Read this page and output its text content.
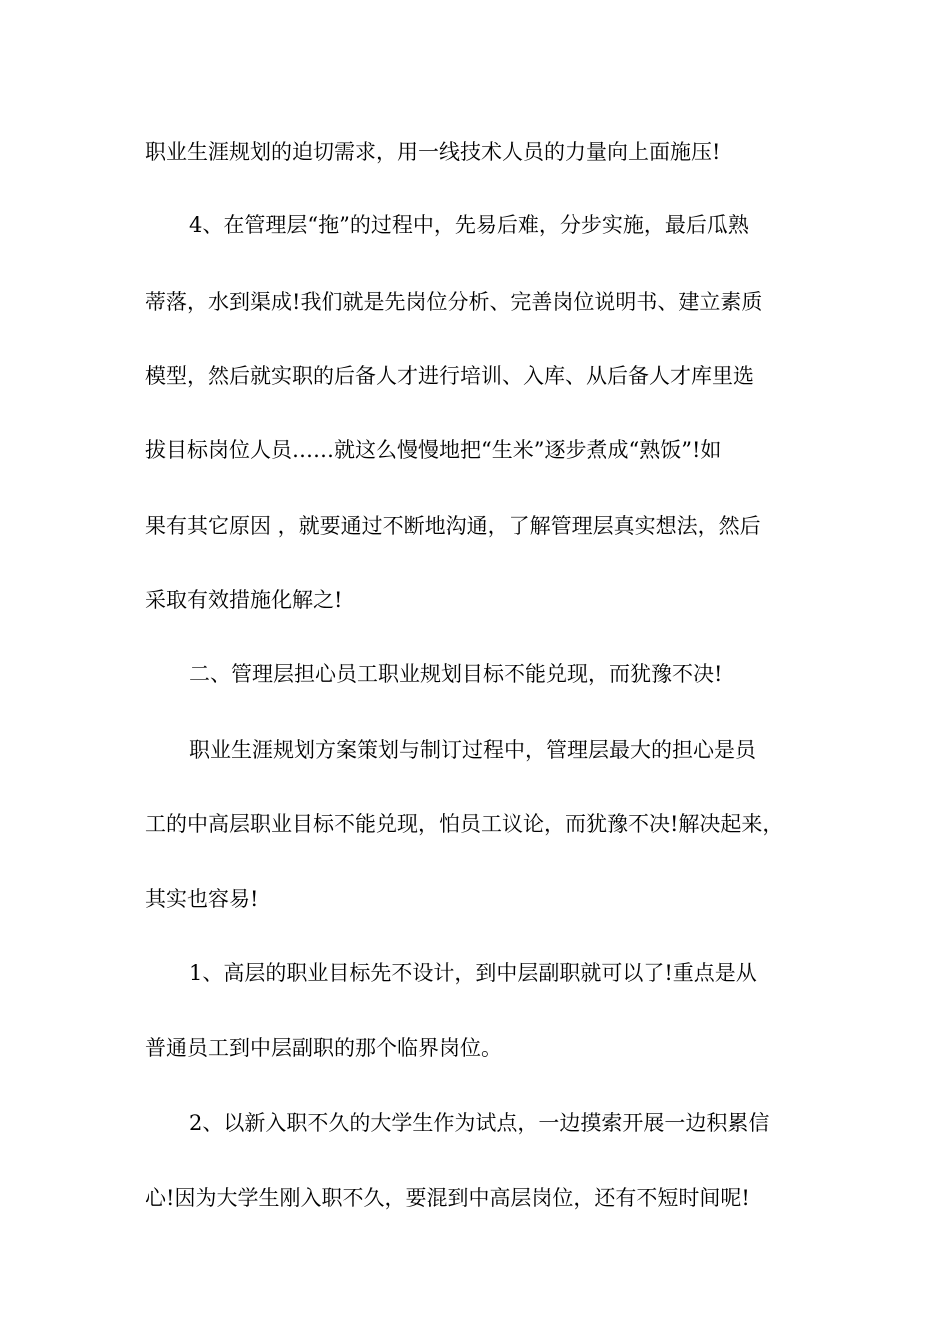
职业生涯规划的迫切需求，用一线技术人员的力量向上面施压!
4、在管理层“拖”的过程中，先易后难，分步实施，最后瓜熟
蒂落，水到渠成!我们就是先岗位分析、完善岗位说明书、建立素质
模型，然后就实职的后备人才进行培训、入库、从后备人才库里选
拔目标岗位人员……就这么慢慢地把“生米”逐步煮成“熟饭”!如
果有其它原因 ，就要通过不断地沟通，了解管理层真实想法，然后
采取有效措施化解之!
二、管理层担心员工职业规划目标不能兑现，而犹豫不决!
职业生涯规划方案策划与制订过程中，管理层最大的担心是员
工的中高层职业目标不能兑现，怕员工议论，而犹豫不决!解决起来，
其实也容易!
1、高层的职业目标先不设计，到中层副职就可以了!重点是从
普通员工到中层副职的那个临界岗位。
2、以新入职不久的大学生作为试点，一边摸索开展一边积累信
心!因为大学生刚入职不久，要混到中高层岗位，还有不短时间呢!
